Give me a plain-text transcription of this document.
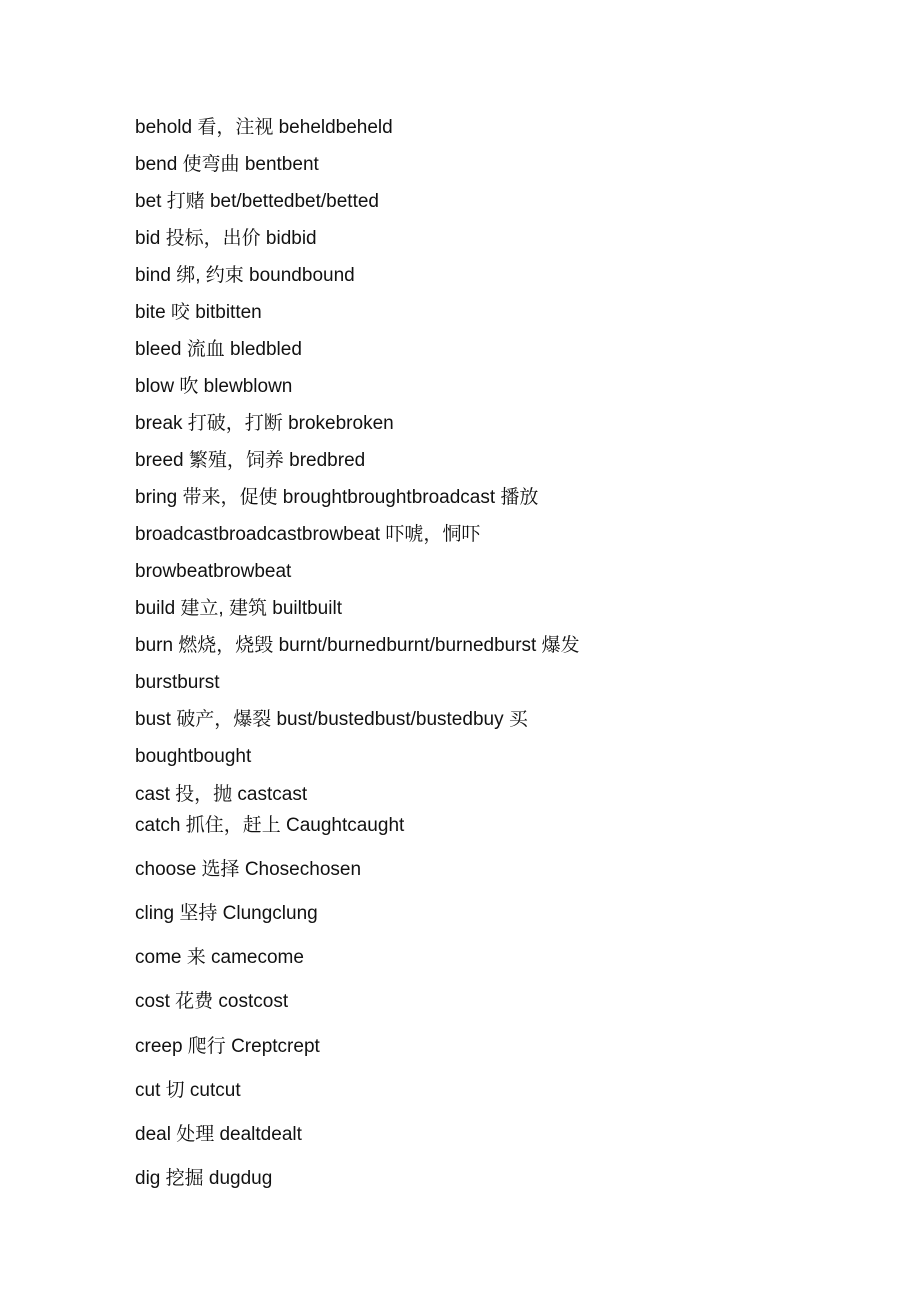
behold 看，注视 beheldbeheld
bend 使弯曲 bentbent
bet 打赌 bet/bettedbet/betted
bid 投标，出价 bidbid
bind 绑, 约束 boundbound
bite 咬 bitbitten
bleed 流血 bledbled
blow 吹 blewblown
break 打破，打断 brokebroken
breed 繁殖，饲养 bredbred
bring 带来，促使 broughtbroughtbroadcast 播放
broadcastbroadcastbrowbeat 吓唬，恫吓
browbeatbrowbeat
build 建立, 建筑 builtbuilt
burn 燃烧，烧毁 burnt/burnedburnt/burnedburst 爆发
burstburst
bust 破产，爆裂 bust/bustedbust/bustedbuy 买
boughtbought
cast 投，抛 castcast
catch 抓住，赶上 Caughtcaught
choose 选择 Chosechosen
cling 坚持 Clungclung
come 来 camecome
cost 花费 costcost
creep 爬行 Creptcrept
cut 切 cutcut
deal 处理 dealtdealt
dig 挖掘 dugdug
